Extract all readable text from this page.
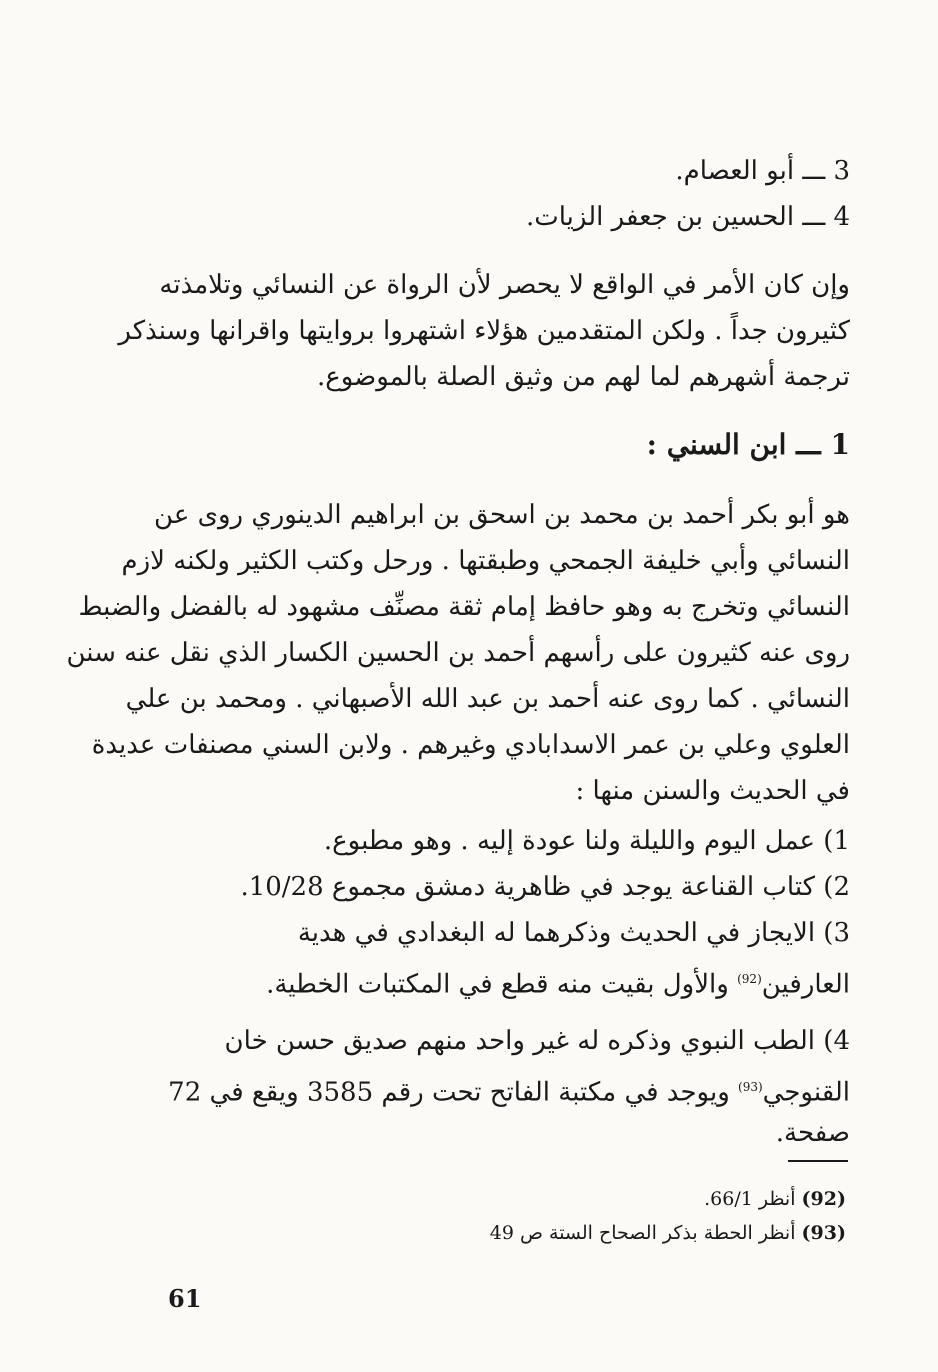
3 ـــ أبو العصام.
4 ـــ الحسين بن جعفر الزيات.
وإن كان الأمر في الواقع لا يحصر لأن الرواة عن النسائي وتلامذته
كثيرون جداً . ولكن المتقدمين هؤلاء اشتهروا بروايتها واقرانها وسنذكر
ترجمة أشهرهم لما لهم من وثيق الصلة بالموضوع.
1 ـــ ابن السني :
هو أبو بكر أحمد بن محمد بن اسحق بن ابراهيم الدينوري روى عن
النسائي وأبي خليفة الجمحي وطبقتها . ورحل وكتب الكثير ولكنه لازم
النسائي وتخرج به وهو حافظ إمام ثقة مصنِّف مشهود له بالفضل والضبط
روى عنه كثيرون على رأسهم أحمد بن الحسين الكسار الذي نقل عنه سنن
النسائي . كما روى عنه أحمد بن عبد الله الأصبهاني . ومحمد بن علي
العلوي وعلي بن عمر الاسدابادي وغيرهم . ولابن السني مصنفات عديدة
في الحديث والسنن منها :
1) عمل اليوم والليلة ولنا عودة إليه . وهو مطبوع.
2) كتاب القناعة يوجد في ظاهرية دمشق مجموع 10/28.
3) الايجاز في الحديث وذكرهما له البغدادي في هدية
العارفين$^{(92)}$ والأول بقيت منه قطع في المكتبات الخطية.
4) الطب النبوي وذكره له غير واحد منهم صديق حسن خان
القنوجي$^{(93)}$ ويوجد في مكتبة الفاتح تحت رقم 3585 ويقع في 72
صفحة.
(92) أنظر 66/1.
(93) أنظر الحطة بذكر الصحاح الستة ص 49
61
